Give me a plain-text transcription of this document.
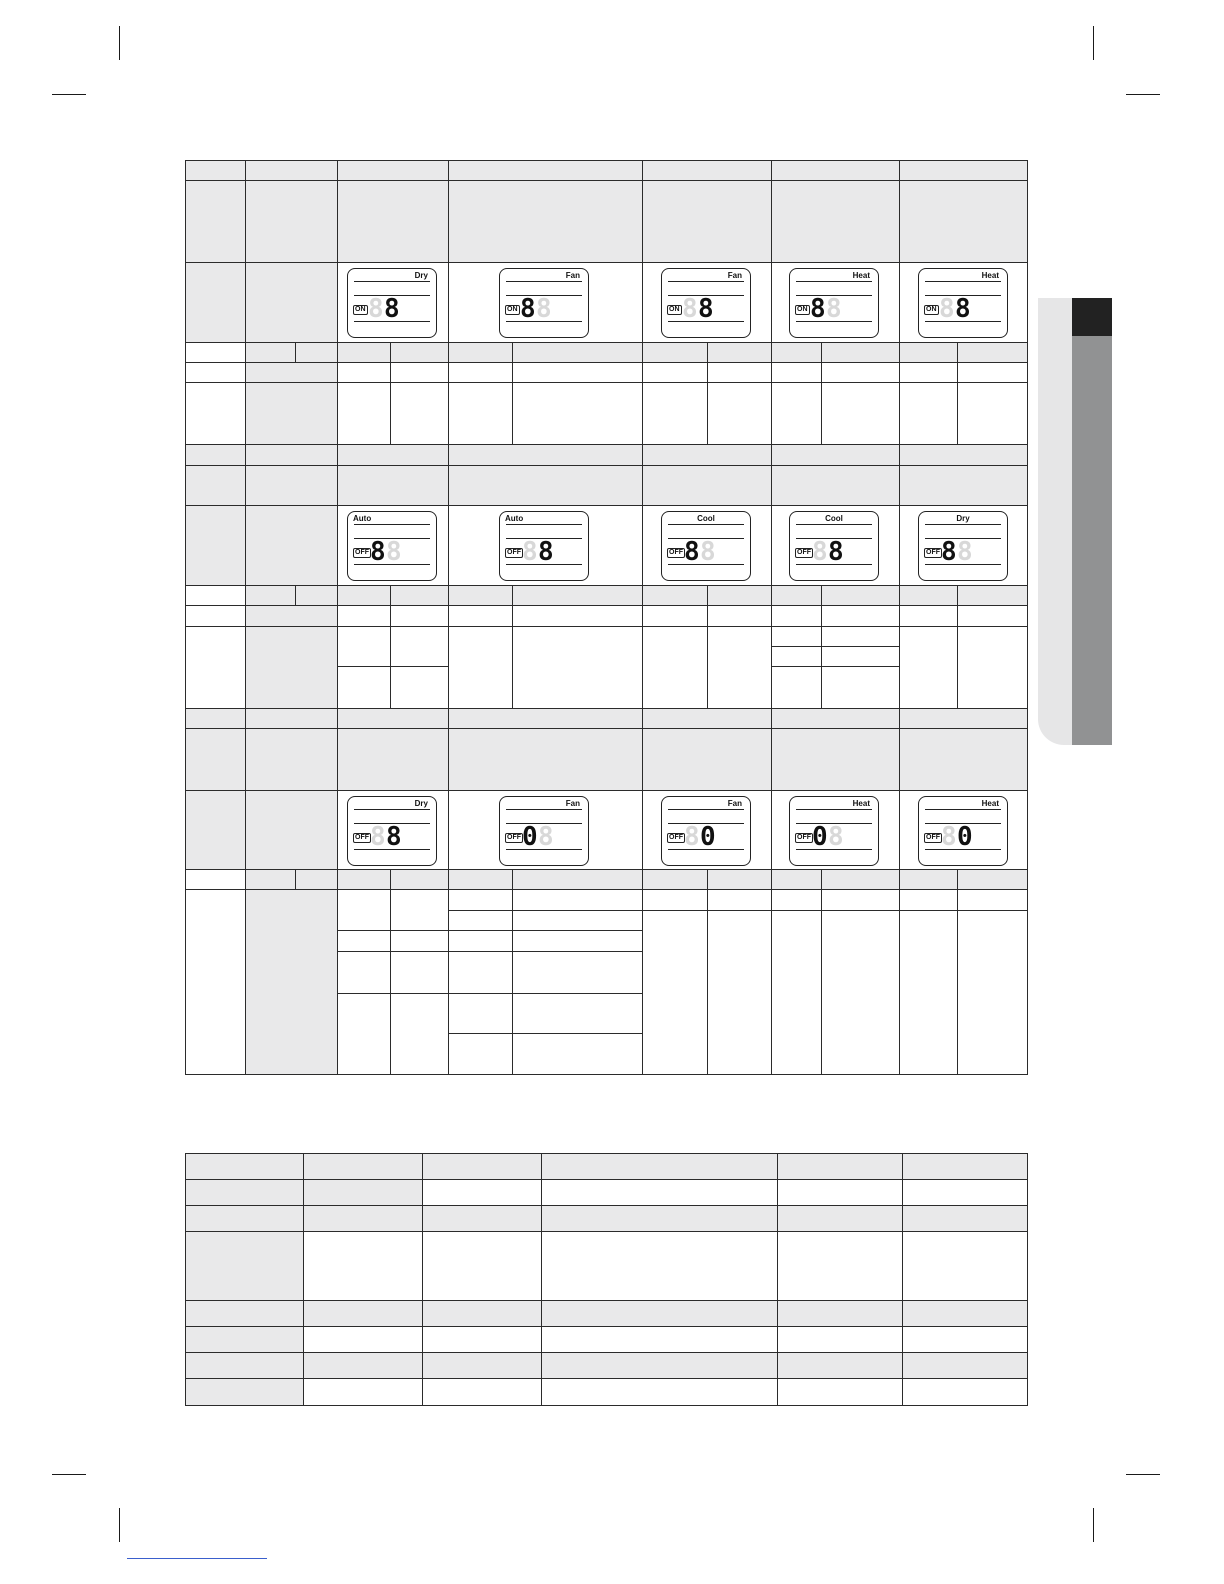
Dry
ON 8 8
Fan
ON 8 8
Fan
ON 8 8
Heat
ON 8 8
Heat
ON 8 8
Auto
OFF 8 8
Auto
OFF 8 8
Cool
OFF 8 8
Cool
OFF 8 8
Dry
OFF 8 8
Dry
OFF 8 8
Fan
OFF 0 8
Fan
OFF 8 0
Heat
OFF 0 8
Heat
OFF 8 0
